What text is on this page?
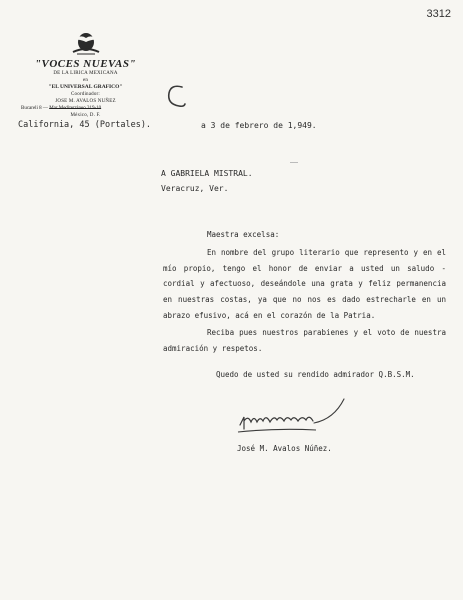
3312
"VOCES NUEVAS"
DE LA LIRICA MEXICANA
en
"EL UNIVERSAL GRAFICO"
Coordinador:
JOSE M. AVALOS NUÑEZ
Bucareli 8 — Mar Mediterráneo 319-10
México, D. F.
California, 45 (Portales).	a 3 de febrero de 1,949.
A GABRIELA MISTRAL.
Veracruz, Ver.
Maestra excelsa:

En nombre del grupo literario que represento y en el mío propio, tengo el honor de enviar a usted un saludo - cordial y afectuoso, deseándole una grata y feliz permanencia en nuestras costas, ya que no nos es dado estrecharle en un abrazo efusivo, acá en el corazón de la Patria.

Reciba pues nuestros parabienes y el voto de nuestra admiración y respetos.

Quedo de usted su rendido admirador Q.B.S.M.
José M. Avalos Núñez.
